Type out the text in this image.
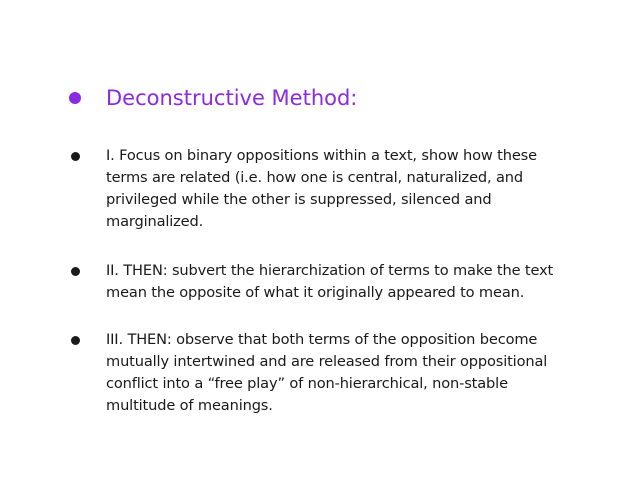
Deconstructive Method:
I. Focus on binary oppositions within a text, show how these terms are related (i.e. how one is central, naturalized, and privileged while the other is suppressed, silenced and marginalized.
II. THEN: subvert the hierarchization of terms to make the text mean the opposite of what it originally appeared to mean.
III. THEN: observe that both terms of the opposition become mutually intertwined and are released from their oppositional conflict into a “free play” of non-hierarchical, non-stable multitude of meanings.
